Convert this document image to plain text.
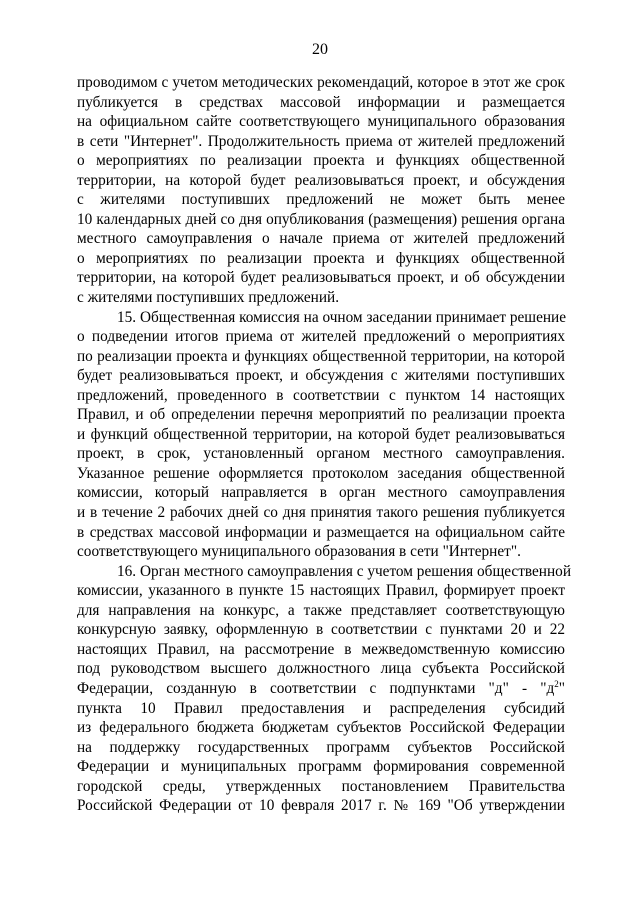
20
проводимом с учетом методических рекомендаций, которое в этот же срок
публикуется в средствах массовой информации и размещается
на официальном сайте соответствующего муниципального образования
в сети "Интернет". Продолжительность приема от жителей предложений
о мероприятиях по реализации проекта и функциях общественной
территории, на которой будет реализовываться проект, и обсуждения
с жителями поступивших предложений не может быть менее
10 календарных дней со дня опубликования (размещения) решения органа
местного самоуправления о начале приема от жителей предложений
о мероприятиях по реализации проекта и функциях общественной
территории, на которой будет реализовываться проект, и об обсуждении
с жителями поступивших предложений.
15. Общественная комиссия на очном заседании принимает решение
о подведении итогов приема от жителей предложений о мероприятиях
по реализации проекта и функциях общественной территории, на которой
будет реализовываться проект, и обсуждения с жителями поступивших
предложений, проведенного в соответствии с пунктом 14 настоящих
Правил, и об определении перечня мероприятий по реализации проекта
и функций общественной территории, на которой будет реализовываться
проект, в срок, установленный органом местного самоуправления.
Указанное решение оформляется протоколом заседания общественной
комиссии, который направляется в орган местного самоуправления
и в течение 2 рабочих дней со дня принятия такого решения публикуется
в средствах массовой информации и размещается на официальном сайте
соответствующего муниципального образования в сети "Интернет".
16. Орган местного самоуправления с учетом решения общественной
комиссии, указанного в пункте 15 настоящих Правил, формирует проект
для направления на конкурс, а также представляет соответствующую
конкурсную заявку, оформленную в соответствии с пунктами 20 и 22
настоящих Правил, на рассмотрение в межведомственную комиссию
под руководством высшего должностного лица субъекта Российской
Федерации, созданную в соответствии с подпунктами "д" - "$д^2$"
пункта 10 Правил предоставления и распределения субсидий
из федерального бюджета бюджетам субъектов Российской Федерации
на поддержку государственных программ субъектов Российской
Федерации и муниципальных программ формирования современной
городской среды, утвержденных постановлением Правительства
Российской Федерации от 10 февраля 2017 г. № 169 "Об утверждении
